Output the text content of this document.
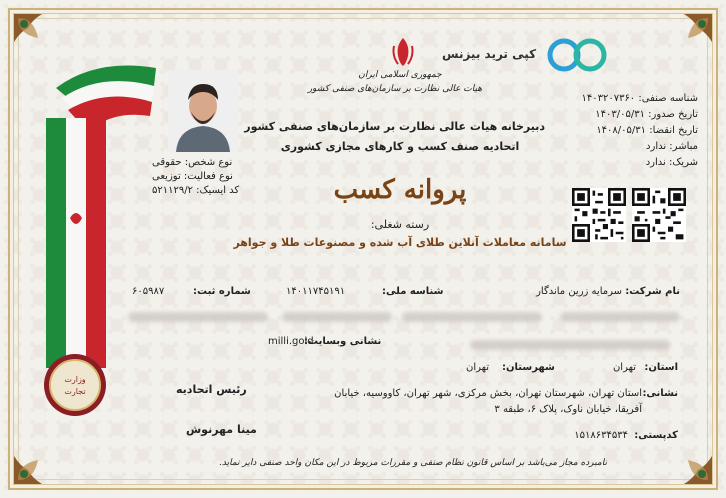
وزارت
تجارت
نوع شخص: حقوقی
نوع فعالیت: توزیعی
کد ایسیک: ۵۲۱۱۲۹/۲
جمهوری اسلامی ایران
هیات عالی نظارت بر سازمان‌های صنفی کشور
دبیرخانه هیات عالی نظارت بر سازمان‌های صنفی کشور
اتحادیه صنف کسب و کارهای مجازی کشوری
پروانه کسب
رسته شغلی:
سامانه معاملات آنلاین طلای آب شده و مصنوعات طلا و جواهر
کپی ترید بیزنس
شناسه صنفی: ۱۴۰۳۲۰۷۳۶۰
تاریخ صدور: ۱۴۰۳/۰۵/۳۱
تاریخ انقضا: ۱۴۰۸/۰۵/۳۱
مباشر: ندارد
شریک: ندارد
نام شرکت:
سرمایه زرین ماندگار
شناسه ملی:
۱۴۰۱۱۷۴۵۱۹۱
شماره ثبت:
۶۰۵۹۸۷
نشانی وبسایت:
milli.gold
استان:
تهران
شهرستان:
تهران
نشانی:
استان تهران، شهرستان تهران، بخش مرکزی، شهر تهران، کاووسیه، خیابان
آفریقا، خیابان ناوک، پلاک ۶، طبقه ۳
کدپستی:
۱۵۱۸۶۳۴۵۳۴
رئیس اتحادیه
مینا مهرنوش
نامبرده مجاز می‌باشد بر اساس قانون نظام صنفی و مقررات مربوط در این مکان واحد صنفی دایر نماید.
